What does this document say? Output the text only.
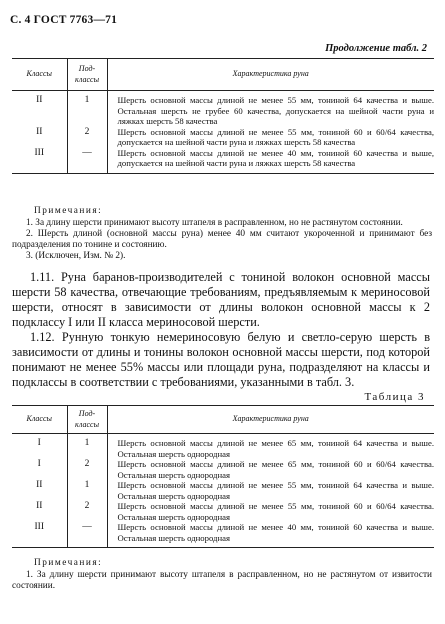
С. 4 ГОСТ 7763—71
Продолжение табл. 2
Классы	Под-классы	Характеристика руна
II	1	Шерсть основной массы длиной не менее 55 мм, тониной 64 качества и выше. Остальная шерсть не грубее 60 качества, допускается на шейной части руна и ляжках шерсть 58 качества
II	2	Шерсть основной массы длиной не менее 55 мм, тониной 60 и 60/64 качества, допускается на шейной части руна и ляжках шерсть 58 качества
III	—	Шерсть основной массы длиной не менее 40 мм, тониной 60 качества и выше, допускается на шейной части руна и ляжках шерсть 58 качества

Примечания:

1. За длину шерсти принимают высоту штапеля в расправленном, но не растянутом состоянии.

2. Шерсть длиной (основной массы руна) менее 40 мм считают укороченной и принимают без подразделения по тонине и состоянию.

3. (Исключен, Изм. № 2).

1.11. Руна баранов-производителей с тониной волокон основной массы шерсти 58 качества, отвечающие требованиям, предъявляемым к мериносовой шерсти, относят в зависимости от длины волокон основной массы к 2 подклассу I или II класса мериносовой шерсти.

1.12. Рунную тонкую немериносовую белую и светло-серую шерсть в зависимости от длины и тонины волокон основной массы шерсти, под которой понимают не менее 55% массы или площади руна, подразделяют на классы и подклассы в соответствии с требованиями, указанными в табл. 3.

Таблица 3
Классы	Под-классы	Характеристика руна
I	1	Шерсть основной массы длиной не менее 65 мм, тониной 64 качества и выше. Остальная шерсть однородная
I	2	Шерсть основной массы длиной не менее 65 мм, тониной 60 и 60/64 качества. Остальная шерсть однородная
II	1	Шерсть основной массы длиной не менее 55 мм, тониной 64 качества и выше. Остальная шерсть однородная
II	2	Шерсть основной массы длиной не менее 55 мм, тониной 60 и 60/64 качества. Остальная шерсть однородная
III	—	Шерсть основной массы длиной не менее 40 мм, тониной 60 качества и выше. Остальная шерсть однородная

Примечания:

1. За длину шерсти принимают высоту штапеля в расправленном, но не растянутом от извитости состоянии.
